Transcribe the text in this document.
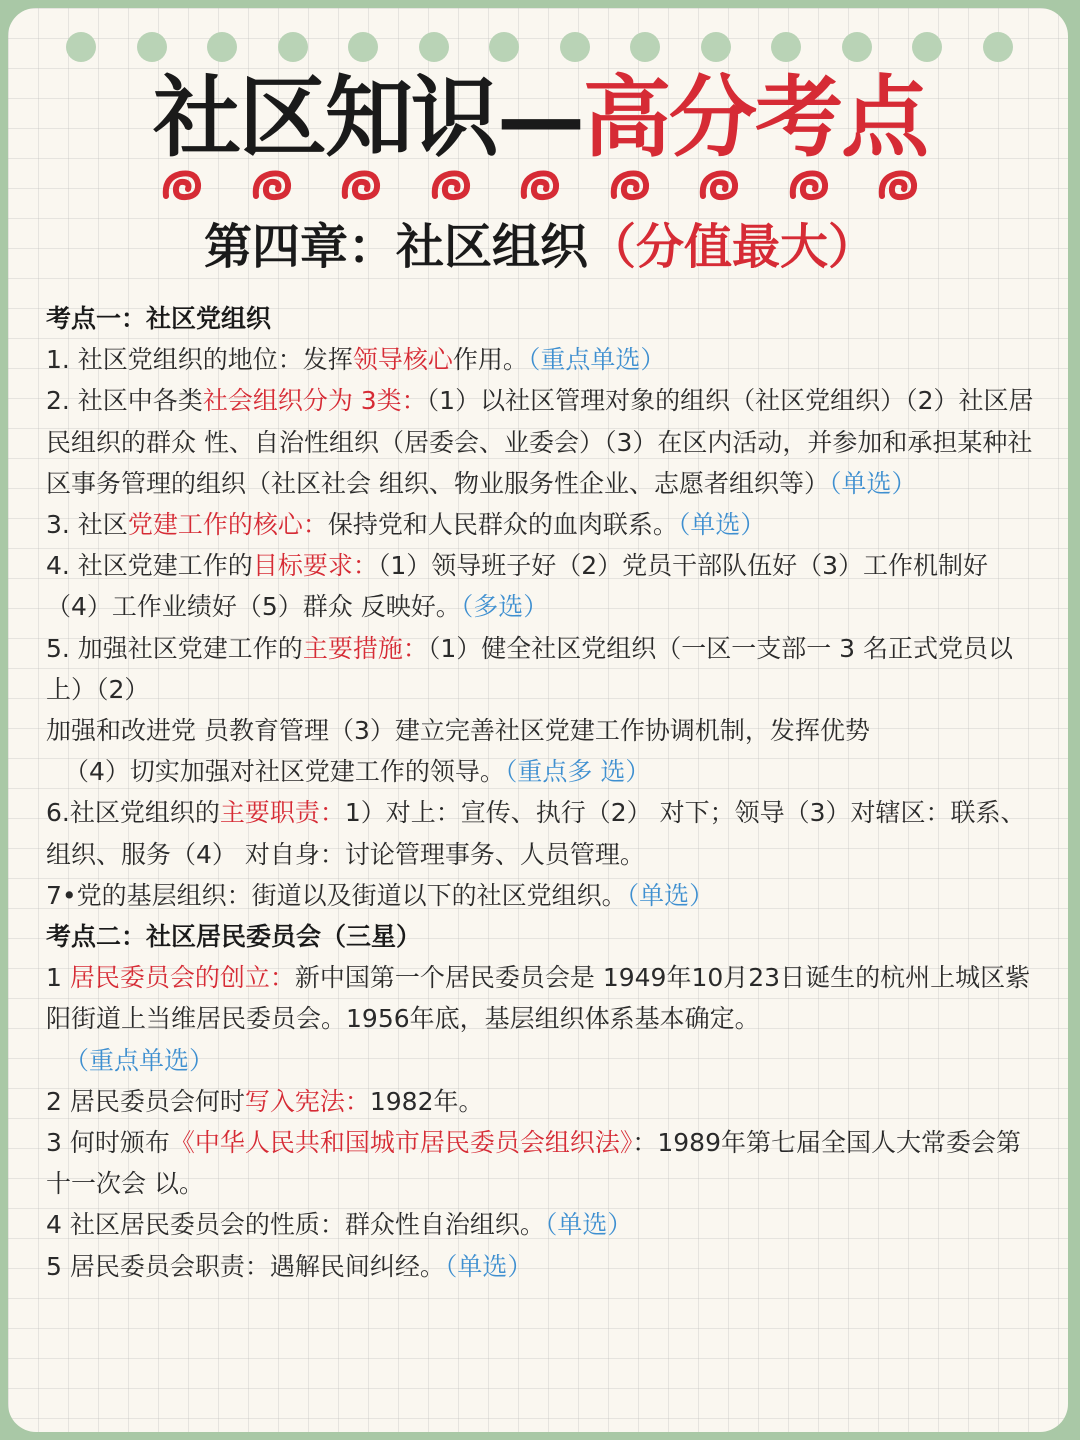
社区知识—高分考点
第四章：社区组织（分值最大）

考点一：社区党组织

1. 社区党组织的地位：发挥领导核心作用。（重点单选）

2. 社区中各类社会组织分为 3类：（1）以社区管理对象的组织（社区党组织）（2）社区居民组织的群众 性、自治性组织（居委会、业委会）（3）在区内活动，并参加和承担某种社区事务管理的组织（社区社会 组织、物业服务性企业、志愿者组织等）（单选）

3. 社区党建工作的核心：保持党和人民群众的血肉联系。（单选）

4. 社区党建工作的目标要求：（1）领导班子好（2）党员干部队伍好（3）工作机制好（4）工作业绩好（5）群众 反映好。（多选）

5. 加强社区党建工作的主要措施：（1）健全社区党组织（一区一支部一 3 名正式党员以上）（2）

加强和改进党 员教育管理（3）建立完善社区党建工作协调机制，发挥优势

（4）切实加强对社区党建工作的领导。（重点多 选）

6.社区党组织的主要职责：1）对上：宣传、执行（2） 对下；领导（3）对辖区：联系、组织、服务（4） 对自身：讨论管理事务、人员管理。

7•党的基层组织：街道以及街道以下的社区党组织。（单选）

考点二：社区居民委员会（三星）

1 居民委员会的创立：新中国第一个居民委员会是 1949年10月23日诞生的杭州上城区紫阳街道上当维居民委员会。1956年底，基层组织体系基本确定。

（重点单选）

2 居民委员会何时写入宪法：1982年。

3 何时颁布《中华人民共和国城市居民委员会组织法》：1989年第七届全国人大常委会第十一次会 以。

4 社区居民委员会的性质：群众性自治组织。（单选）

5 居民委员会职责：遇解民间纠经。（单选）
